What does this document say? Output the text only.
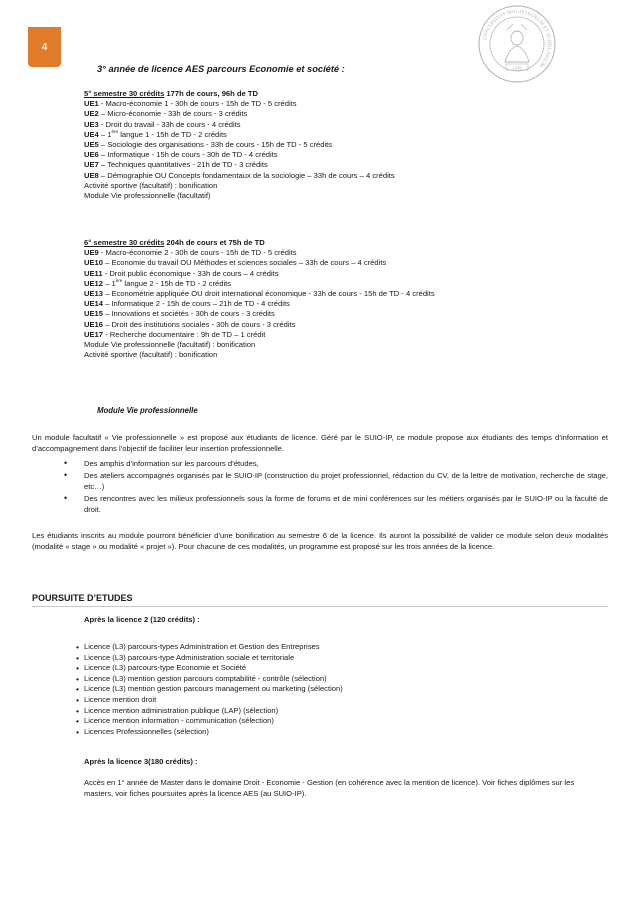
4
UNIVERSITAS MAGISTRORUM ET SCHOLARIUM
1229
3° année de licence AES parcours Economie et société :
5° semestre 30 crédits 177h de cours, 96h de TD
UE1 - Macro-économie 1 - 30h de cours - 15h de TD - 5 crédits
UE2 – Micro-économie - 33h de cours - 3 crédits
UE3 - Droit du travail - 33h de cours - 4 crédits
UE4 – 1ère langue 1 - 15h de TD - 2 crédits
UE5 – Sociologie des organisations - 33h de cours - 15h de TD - 5 crédits
UE6 – Informatique - 15h de cours - 30h de TD - 4 crédits
UE7 – Techniques quantitatives - 21h de TD - 3 crédits
UE8 – Démographie OU Concepts fondamentaux de la sociologie – 33h de cours – 4 crédits
Activité sportive (facultatif) : bonification
Module Vie professionnelle (facultatif)
6° semestre 30 crédits 204h de cours et 75h de TD
UE9 - Macro-économie 2 - 30h de cours - 15h de TD - 5 crédits
UE10 – Economie du travail OU Méthodes et sciences sociales – 33h de cours – 4 crédits
UE11 - Droit public économique - 33h de cours – 4 crédits
UE12 – 1ère langue 2 - 15h de TD - 2 crédits
UE13 – Econométrie appliquée OU droit international économique - 33h de cours - 15h de TD - 4 crédits
UE14 – Informatique 2 - 15h de cours – 21h de TD - 4 crédits
UE15 – Innovations et sociétés - 30h de cours - 3 crédits
UE16 – Droit des institutions sociales - 30h de cours - 3 crédits
UE17 - Recherche documentaire : 9h de TD – 1 crédit
Module Vie professionnelle (facultatif) : bonification
Activité sportive (facultatif) : bonification
Module Vie professionnelle
Un module facultatif « Vie professionnelle » est proposé aux étudiants de licence. Géré par le SUIO-IP, ce module propose aux étudiants des temps d’information et d’accompagnement dans l’objectif de faciliter leur insertion professionnelle.
• Des amphis d’information sur les parcours d’études,
• Des ateliers accompagnés organisés par le SUIO-IP (construction du projet professionnel, rédaction du CV, de la lettre de motivation, recherche de stage, etc…)
• Des rencontres avec les milieux professionnels sous la forme de forums et de mini conférences sur les métiers organisés par le SUIO-IP ou la faculté de droit.
Les étudiants inscrits au module pourront bénéficier d’une bonification au semestre 6 de la licence. Ils auront la possibilité de valider ce module selon deux modalités (modalité « stage » ou modalité « projet »). Pour chacune de ces modalités, un programme est proposé sur les trois années de la licence.
POURSUITE D’ETUDES
Après la licence 2 (120 crédits) :
• Licence (L3) parcours-types Administration et Gestion des Entreprises
• Licence (L3) parcours-type Administration sociale et territoriale
• Licence (L3) parcours-type Economie et Société
• Licence (L3) mention gestion parcours comptabilité - contrôle (sélection)
• Licence (L3) mention gestion parcours management ou marketing (sélection)
• Licence mention droit
• Licence mention administration publique (LAP) (sélection)
• Licence mention information - communication (sélection)
• Licences Professionnelles (sélection)
Après la licence 3(180 crédits) :
Accès en 1° année de Master dans le domaine Droit - Economie - Gestion (en cohérence avec la mention de licence). Voir fiches diplômes sur les masters, voir fiches poursuites après la licence AES (au SUIO-IP).
